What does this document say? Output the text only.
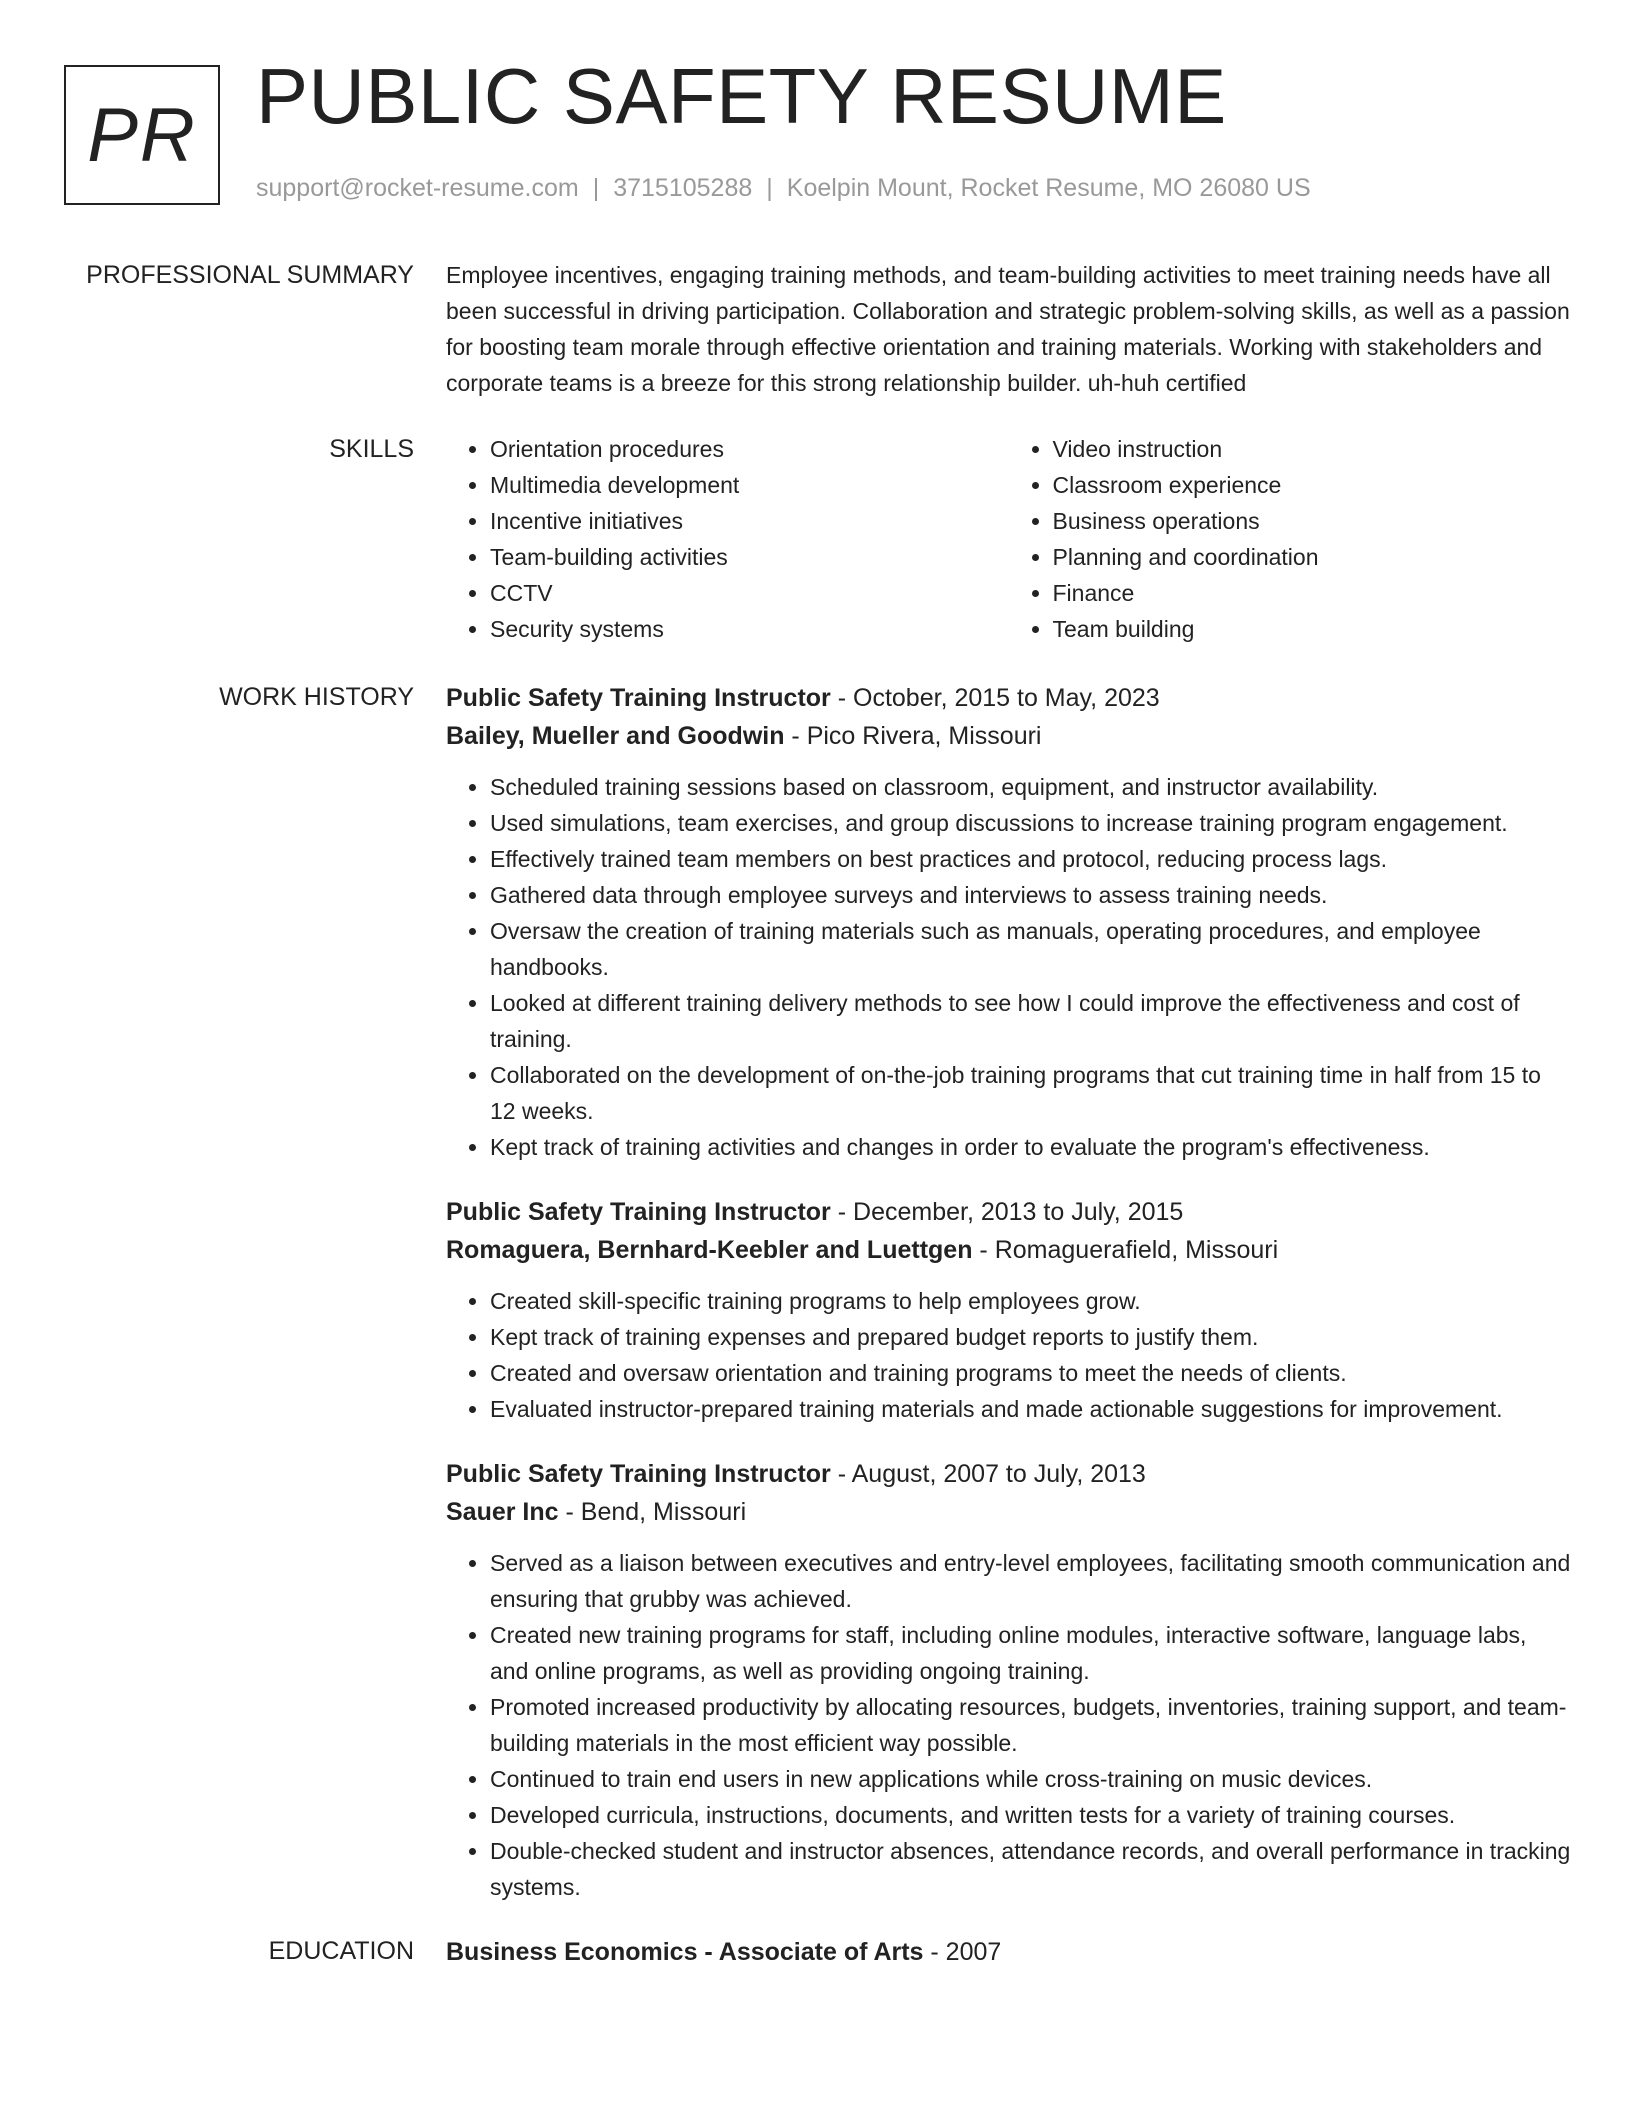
PR PUBLIC SAFETY RESUME
support@rocket-resume.com | 3715105288 | Koelpin Mount, Rocket Resume, MO 26080 US
PROFESSIONAL SUMMARY Employee incentives, engaging training methods, and team-building activities to meet training needs have all been successful in driving participation. Collaboration and strategic problem-solving skills, as well as a passion for boosting team morale through effective orientation and training materials. Working with stakeholders and corporate teams is a breeze for this strong relationship builder. uh-huh certified

SKILLS
•	Orientation procedures
• Multimedia development
• Incentive initiatives
• Team-building activities
• CCTV
• Security systems
• Video instruction
• Classroom experience
• Business operations
• Planning and coordination
• Finance
• Team building
WORK HISTORY Public Safety Training Instructor - October, 2015 to May, 2023
Bailey, Mueller and Goodwin - Pico Rivera, Missouri
• Scheduled training sessions based on classroom, equipment, and instructor availability.
• Used simulations, team exercises, and group discussions to increase training program engagement.
• Effectively trained team members on best practices and protocol, reducing process lags.
• Gathered data through employee surveys and interviews to assess training needs.
• Oversaw the creation of training materials such as manuals, operating procedures, and employee handbooks.
• Looked at different training delivery methods to see how I could improve the effectiveness and cost of training.
• Collaborated on the development of on-the-job training programs that cut training time in half from 15 to 12 weeks.
• Kept track of training activities and changes in order to evaluate the program's effectiveness.
Public Safety Training Instructor - December, 2013 to July, 2015
Romaguera, Bernhard-Keebler and Luettgen - Romaguerafield, Missouri
• Created skill-specific training programs to help employees grow.
• Kept track of training expenses and prepared budget reports to justify them.
• Created and oversaw orientation and training programs to meet the needs of clients.
• Evaluated instructor-prepared training materials and made actionable suggestions for improvement.
Public Safety Training Instructor - August, 2007 to July, 2013
Sauer Inc - Bend, Missouri
• Served as a liaison between executives and entry-level employees, facilitating smooth communication and ensuring that grubby was achieved.
• Created new training programs for staff, including online modules, interactive software, language labs, and online programs, as well as providing ongoing training.
• Promoted increased productivity by allocating resources, budgets, inventories, training support, and team-building materials in the most efficient way possible.
• Continued to train end users in new applications while cross-training on music devices.
• Developed curricula, instructions, documents, and written tests for a variety of training courses.
• Double-checked student and instructor absences, attendance records, and overall performance in tracking systems.
EDUCATION Business Economics - Associate of Arts - 2007
